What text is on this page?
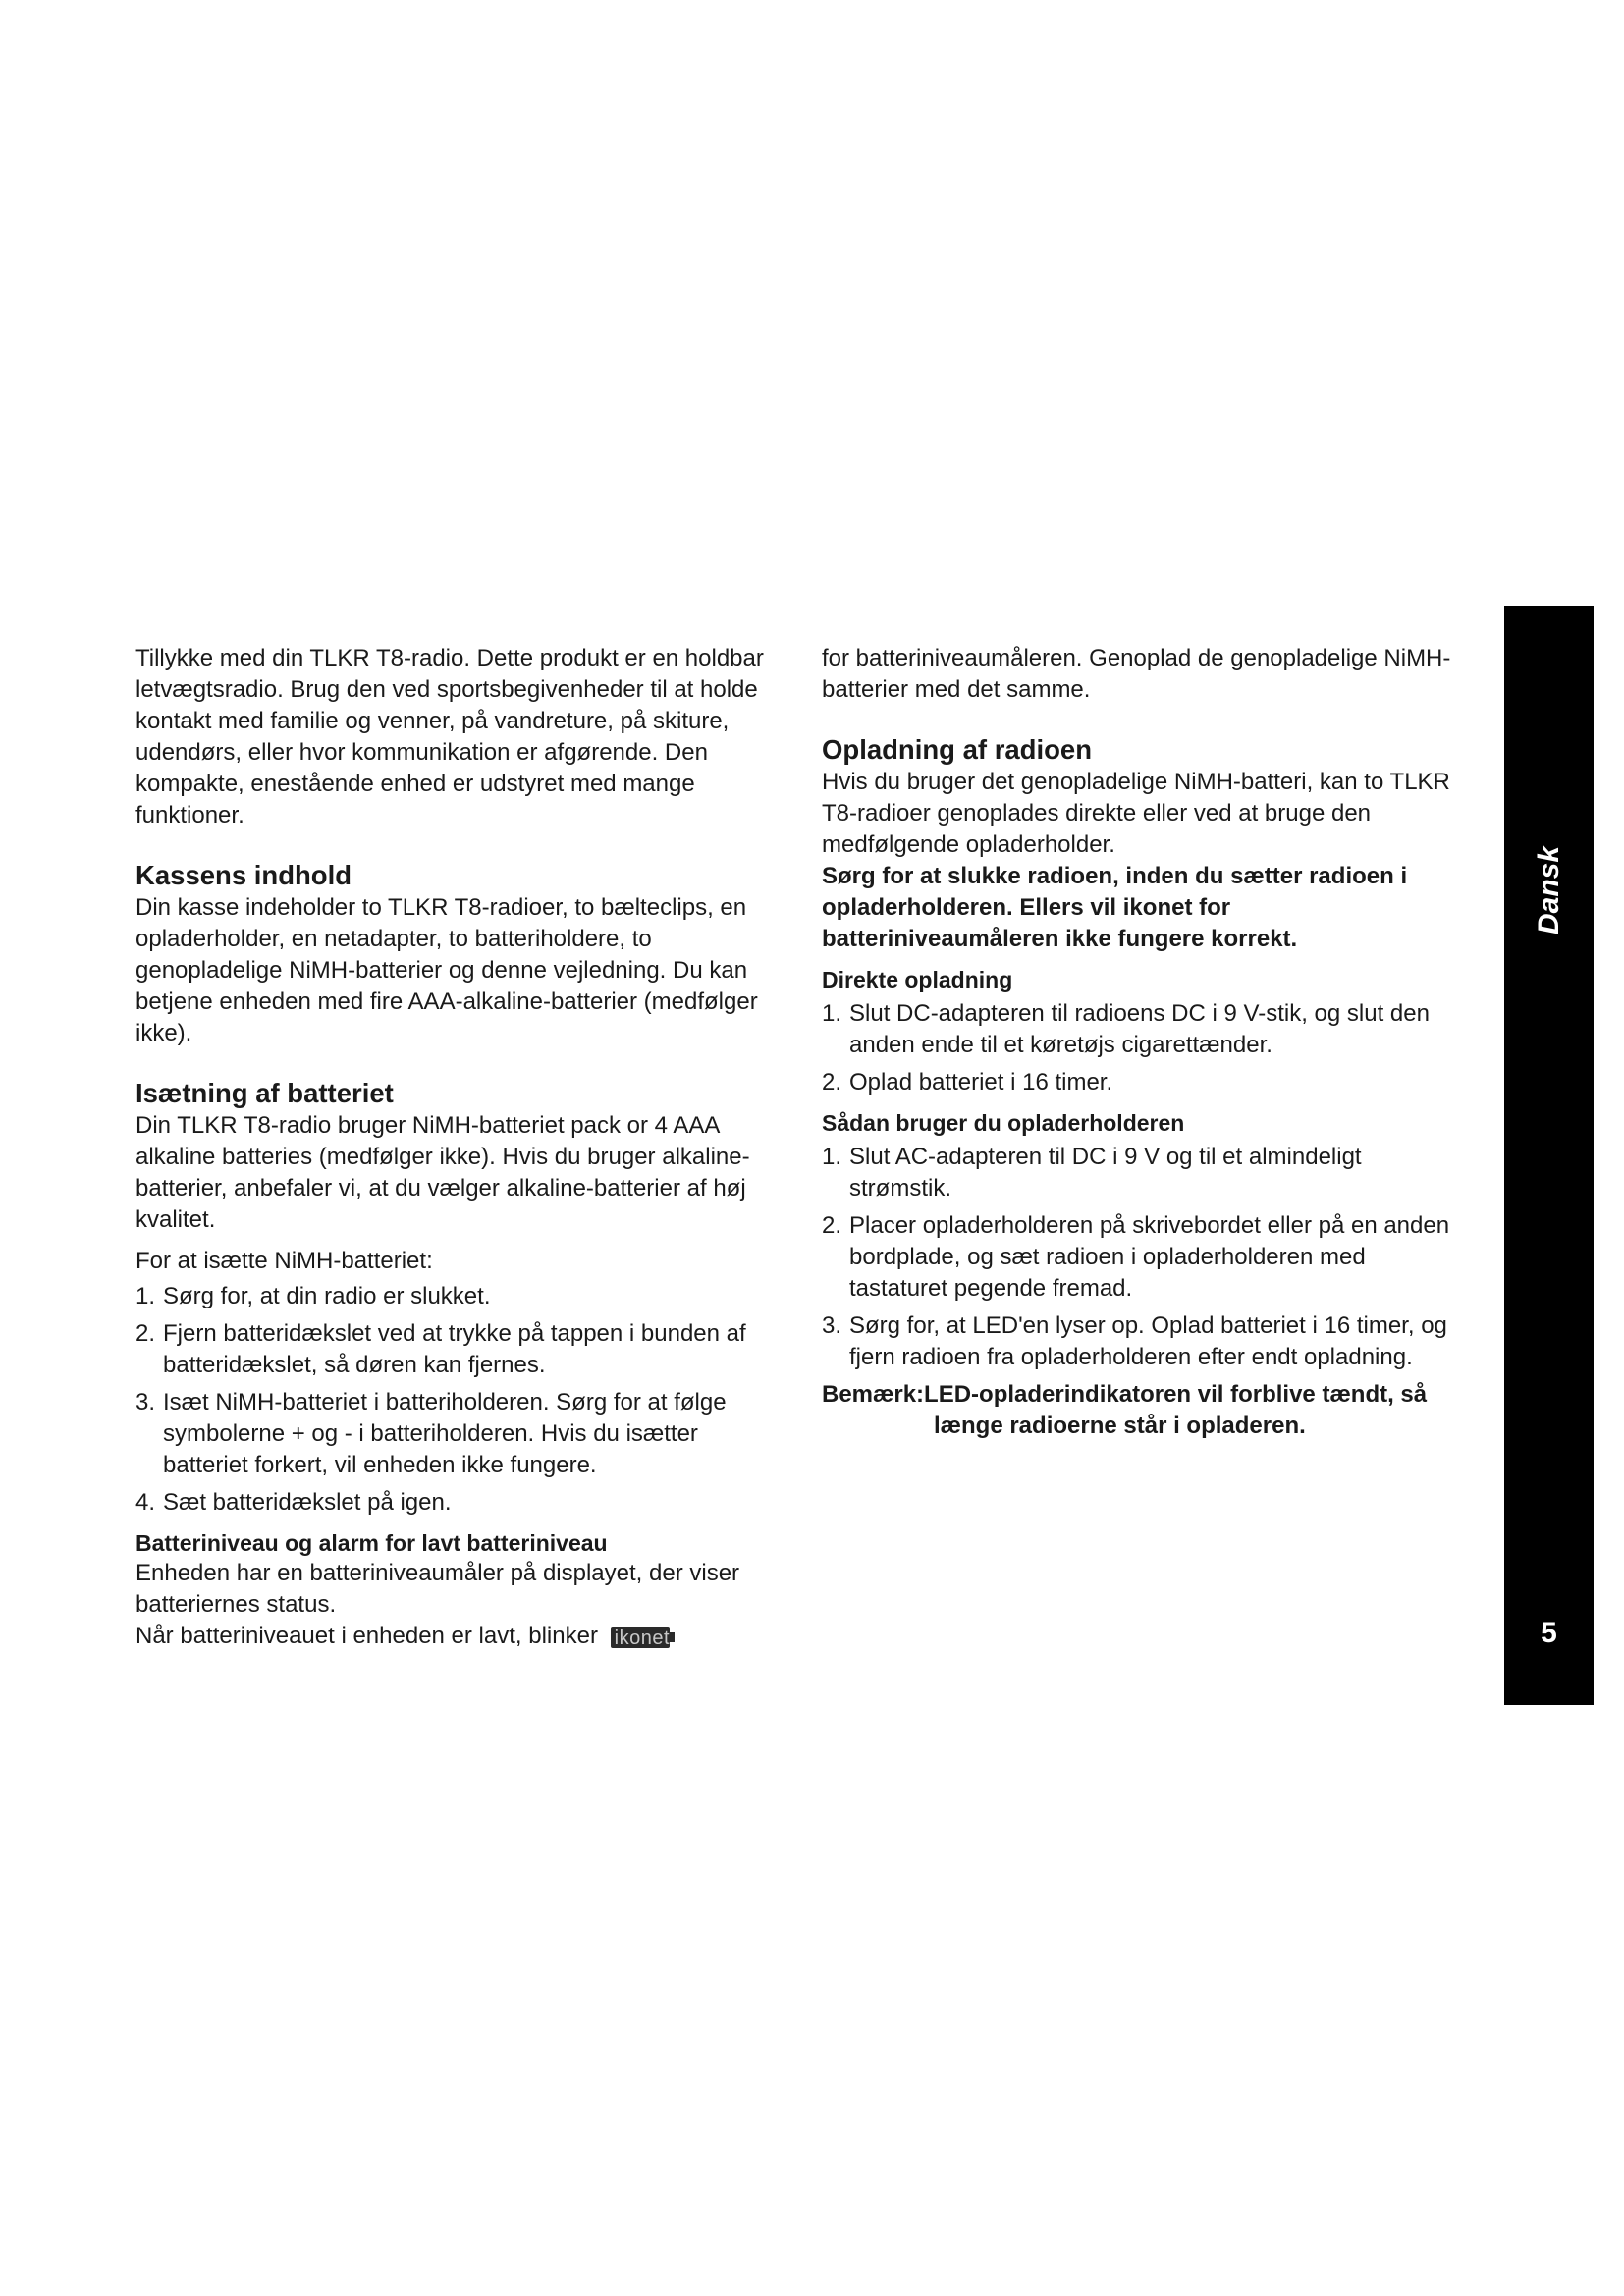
Tillykke med din TLKR T8-radio. Dette produkt er en holdbar letvægtsradio. Brug den ved sportsbegivenheder til at holde kontakt med familie og venner, på vandreture, på skiture, udendørs, eller hvor kommunikation er afgørende. Den kompakte, enestående enhed er udstyret med mange funktioner.

Kassens indhold

Din kasse indeholder to TLKR T8-radioer, to bælteclips, en opladerholder, en netadapter, to batteriholdere, to genopladelige NiMH-batterier og denne vejledning. Du kan betjene enheden med fire AAA-alkaline-batterier (medfølger ikke).

Isætning af batteriet

Din TLKR T8-radio bruger NiMH-batteriet pack or 4 AAA alkaline batteries (medfølger ikke). Hvis du bruger alkaline-batterier, anbefaler vi, at du vælger alkaline-batterier af høj kvalitet.

For at isætte NiMH-batteriet:

1. Sørg for, at din radio er slukket.
2. Fjern batteridækslet ved at trykke på tappen i bunden af batteridækslet, så døren kan fjernes.
3. Isæt NiMH-batteriet i batteriholderen. Sørg for at følge symbolerne + og - i batteriholderen. Hvis du isætter batteriet forkert, vil enheden ikke fungere.
4. Sæt batteridækslet på igen.
Batteriniveau og alarm for lavt batteriniveau

Enheden har en batteriniveaumåler på displayet, der viser batteriernes status.

Når batteriniveauet i enheden er lavt, blinker ikonet

for batteriniveaumåleren. Genoplad de genopladelige NiMH-batterier med det samme.

Opladning af radioen

Hvis du bruger det genopladelige NiMH-batteri, kan to TLKR T8-radioer genoplades direkte eller ved at bruge den medfølgende opladerholder.

Sørg for at slukke radioen, inden du sætter radioen i opladerholderen. Ellers vil ikonet for batteriniveaumåleren ikke fungere korrekt.

Direkte opladning
1. Slut DC-adapteren til radioens DC i 9 V-stik, og slut den anden ende til et køretøjs cigarettænder.
2. Oplad batteriet i 16 timer.
Sådan bruger du opladerholderen
1. Slut AC-adapteren til DC i 9 V og til et almindeligt strømstik.
2. Placer opladerholderen på skrivebordet eller på en anden bordplade, og sæt radioen i opladerholderen med tastaturet pegende fremad.
3. Sørg for, at LED'en lyser op. Oplad batteriet i 16 timer, og fjern radioen fra opladerholderen efter endt opladning.

Bemærk:LED-opladerindikatoren vil forblive tændt, så længe radioerne står i opladeren.

Dansk
5
